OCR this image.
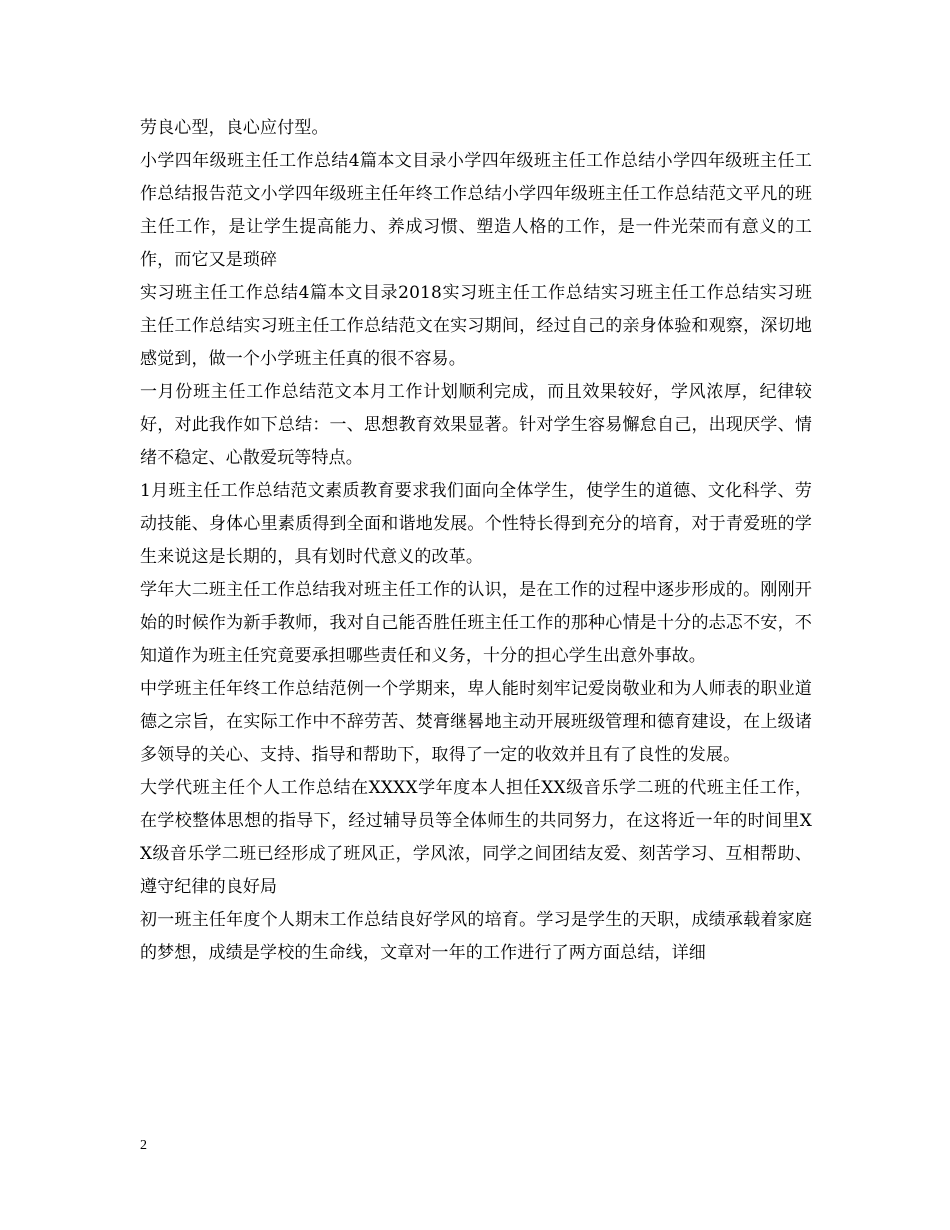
劳良心型，良心应付型。

小学四年级班主任工作总结4篇本文目录小学四年级班主任工作总结小学四年级班主任工作总结报告范文小学四年级班主任年终工作总结小学四年级班主任工作总结范文平凡的班主任工作，是让学生提高能力、养成习惯、塑造人格的工作，是一件光荣而有意义的工作，而它又是琐碎

实习班主任工作总结4篇本文目录2018实习班主任工作总结实习班主任工作总结实习班主任工作总结实习班主任工作总结范文在实习期间，经过自己的亲身体验和观察，深切地感觉到，做一个小学班主任真的很不容易。

一月份班主任工作总结范文本月工作计划顺利完成，而且效果较好，学风浓厚，纪律较好，对此我作如下总结：一、思想教育效果显著。针对学生容易懈怠自己，出现厌学、情绪不稳定、心散爱玩等特点。

1月班主任工作总结范文素质教育要求我们面向全体学生，使学生的道德、文化科学、劳动技能、身体心里素质得到全面和谐地发展。个性特长得到充分的培育，对于青爱班的学生来说这是长期的，具有划时代意义的改革。

学年大二班主任工作总结我对班主任工作的认识，是在工作的过程中逐步形成的。刚刚开始的时候作为新手教师，我对自己能否胜任班主任工作的那种心情是十分的忐忑不安，不知道作为班主任究竟要承担哪些责任和义务，十分的担心学生出意外事故。

中学班主任年终工作总结范例一个学期来，卑人能时刻牢记爱岗敬业和为人师表的职业道德之宗旨，在实际工作中不辞劳苦、焚膏继晷地主动开展班级管理和德育建设，在上级诸多领导的关心、支持、指导和帮助下，取得了一定的收效并且有了良性的发展。

大学代班主任个人工作总结在XXXX学年度本人担任XX级音乐学二班的代班主任工作，在学校整体思想的指导下，经过辅导员等全体师生的共同努力，在这将近一年的时间里XX级音乐学二班已经形成了班风正，学风浓，同学之间团结友爱、刻苦学习、互相帮助、遵守纪律的良好局

初一班主任年度个人期末工作总结良好学风的培育。学习是学生的天职，成绩承载着家庭的梦想，成绩是学校的生命线，文章对一年的工作进行了两方面总结，详细

2
